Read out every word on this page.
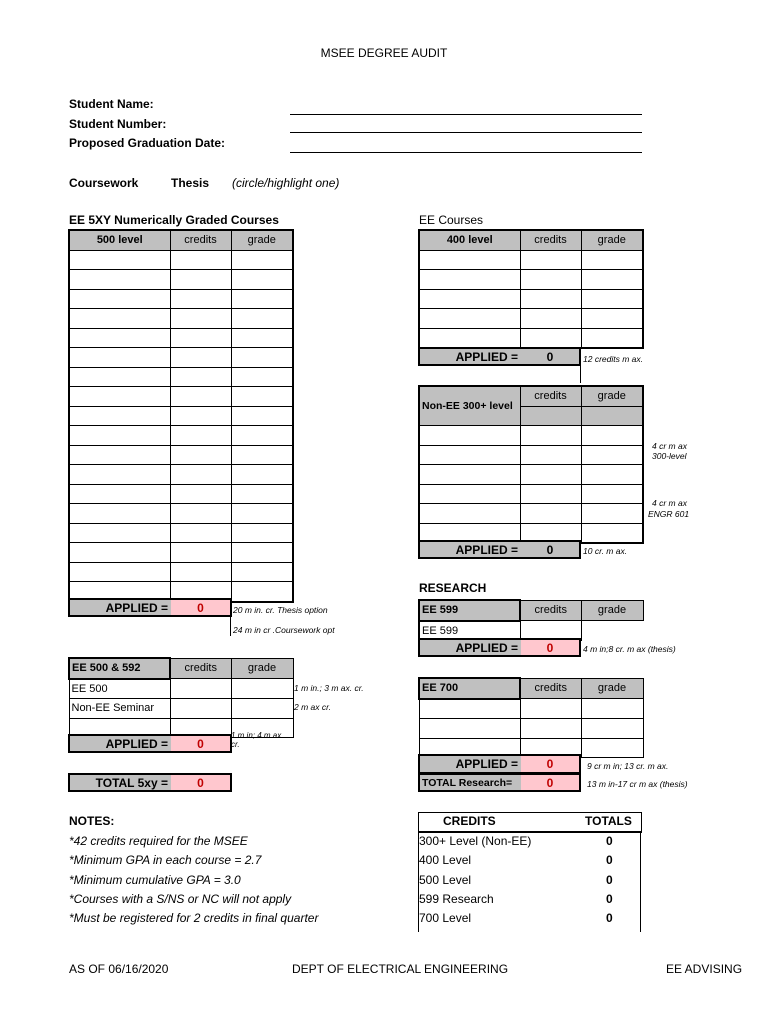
MSEE DEGREE AUDIT
Student Name:
Student Number:
Proposed Graduation Date:
Coursework	Thesis (circle/highlight one)
EE 5XY Numerically Graded Courses
500 level	credits	grade

APPLIED =	0	20 m in. cr. Thesis option
24 m in cr .Coursework opt
EE Courses
400 level	credits	grade

APPLIED =	0	12 credits m ax.
Non-EE 300+ level	credits	grade

4 cr m ax
300-level
4 cr m ax
ENGR 601
APPLIED =	0	10 cr. m ax.
RESEARCH
EE 599	credits	grade
EE 599		
APPLIED =	0	4 m in;8 cr. m ax (thesis)
EE 500 & 592	credits	grade
EE 500		
Non-EE Seminar		

1 m in.; 3 m ax. cr.
2 m ax cr.
APPLIED =	0
1 m in; 4 m ax
cr.
EE 700	credits	grade

APPLIED =	0	9 cr m in; 13 cr. m ax.
TOTAL Research=	0	13 m in-17 cr m ax (thesis)
TOTAL 5xy =	0
NOTES:
*42 credits required for the MSEE
*Minimum GPA in each course = 2.7
*Minimum cumulative GPA = 3.0
*Courses with a S/NS or NC will not apply
*Must be registered for 2 credits in final quarter
CREDITS	TOTALS
300+ Level (Non-EE)	0
400 Level	0
500 Level	0
599 Research	0
700 Level	0
AS OF 06/16/2020	DEPT OF ELECTRICAL ENGINEERING	EE ADVISING
